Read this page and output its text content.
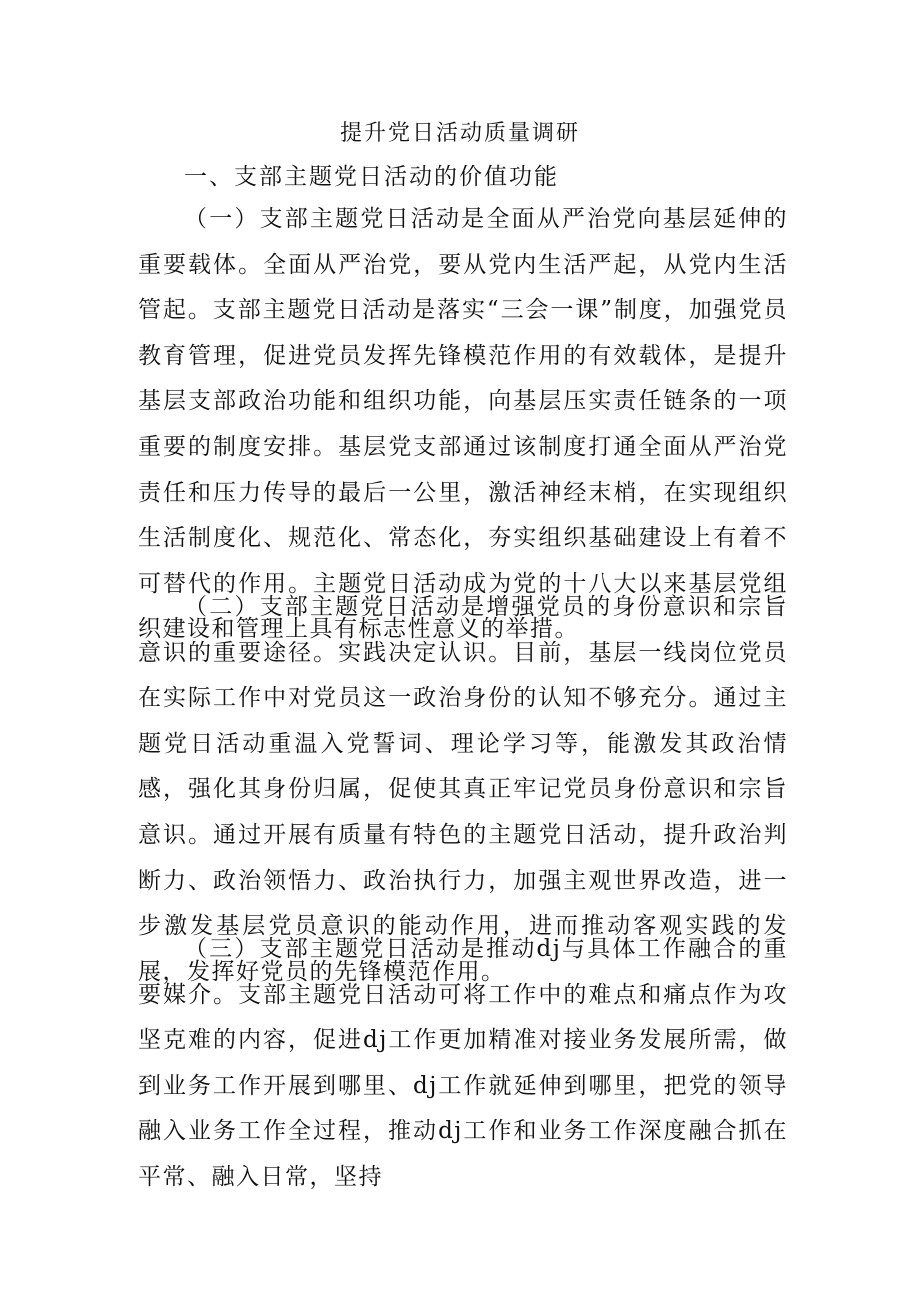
提升党日活动质量调研
一、支部主题党日活动的价值功能

（一）支部主题党日活动是全面从严治党向基层延伸的重要载体。全面从严治党，要从党内生活严起，从党内生活管起。支部主题党日活动是落实“三会一课”制度，加强党员教育管理，促进党员发挥先锋模范作用的有效载体，是提升基层支部政治功能和组织功能，向基层压实责任链条的一项重要的制度安排。基层党支部通过该制度打通全面从严治党责任和压力传导的最后一公里，激活神经末梢，在实现组织生活制度化、规范化、常态化，夯实组织基础建设上有着不可替代的作用。主题党日活动成为党的十八大以来基层党组织建设和管理上具有标志性意义的举措。

（二）支部主题党日活动是增强党员的身份意识和宗旨意识的重要途径。实践决定认识。目前，基层一线岗位党员在实际工作中对党员这一政治身份的认知不够充分。通过主题党日活动重温入党誓词、理论学习等，能激发其政治情感，强化其身份归属，促使其真正牢记党员身份意识和宗旨意识。通过开展有质量有特色的主题党日活动，提升政治判断力、政治领悟力、政治执行力，加强主观世界改造，进一步激发基层党员意识的能动作用，进而推动客观实践的发展，发挥好党员的先锋模范作用。

（三）支部主题党日活动是推动dj与具体工作融合的重要媒介。支部主题党日活动可将工作中的难点和痛点作为攻坚克难的内容，促进dj工作更加精准对接业务发展所需，做到业务工作开展到哪里、dj工作就延伸到哪里，把党的领导融入业务工作全过程，推动dj工作和业务工作深度融合抓在平常、融入日常，坚持
